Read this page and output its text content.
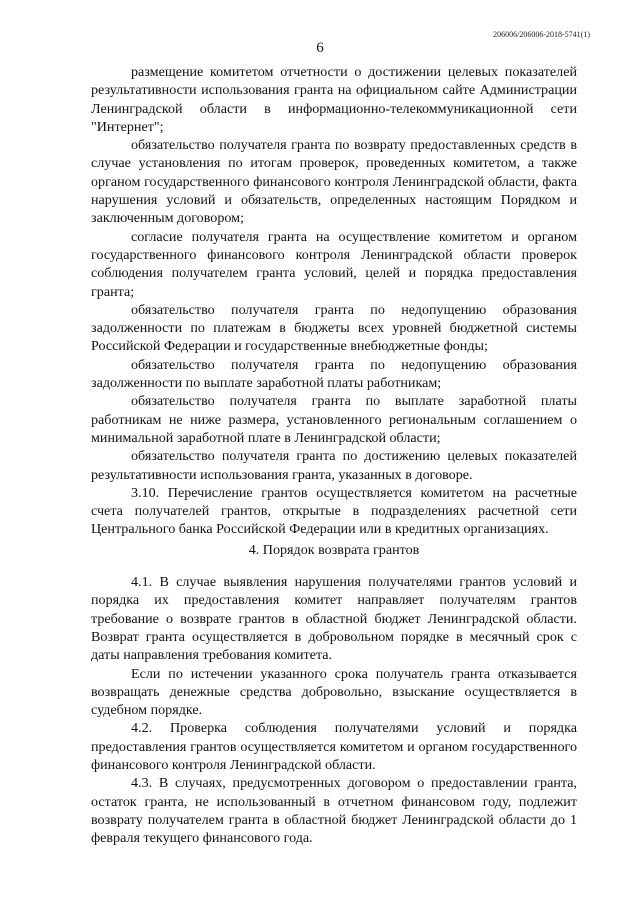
206006/206006-2018-5741(1)
6

размещение комитетом отчетности о достижении целевых показателей результативности использования гранта на официальном сайте Администрации Ленинградской области в информационно-телекоммуникационной сети "Интернет";

обязательство получателя гранта по возврату предоставленных средств в случае установления по итогам проверок, проведенных комитетом, а также органом государственного финансового контроля Ленинградской области, факта нарушения условий и обязательств, определенных настоящим Порядком и заключенным договором;

согласие получателя гранта на осуществление комитетом и органом государственного финансового контроля Ленинградской области проверок соблюдения получателем гранта условий, целей и порядка предоставления гранта;

обязательство получателя гранта по недопущению образования задолженности по платежам в бюджеты всех уровней бюджетной системы Российской Федерации и государственные внебюджетные фонды;

обязательство получателя гранта по недопущению образования задолженности по выплате заработной платы работникам;

обязательство получателя гранта по выплате заработной платы работникам не ниже размера, установленного региональным соглашением о минимальной заработной плате в Ленинградской области;

обязательство получателя гранта по достижению целевых показателей результативности использования гранта, указанных в договоре.

3.10. Перечисление грантов осуществляется комитетом на расчетные счета получателей грантов, открытые в подразделениях расчетной сети Центрального банка Российской Федерации или в кредитных организациях.

4. Порядок возврата грантов

4.1. В случае выявления нарушения получателями грантов условий и порядка их предоставления комитет направляет получателям грантов требование о возврате грантов в областной бюджет Ленинградской области. Возврат гранта осуществляется в добровольном порядке в месячный срок с даты направления требования комитета.

Если по истечении указанного срока получатель гранта отказывается возвращать денежные средства добровольно, взыскание осуществляется в судебном порядке.

4.2. Проверка соблюдения получателями условий и порядка предоставления грантов осуществляется комитетом и органом государственного финансового контроля Ленинградской области.

4.3. В случаях, предусмотренных договором о предоставлении гранта, остаток гранта, не использованный в отчетном финансовом году, подлежит возврату получателем гранта в областной бюджет Ленинградской области до 1 февраля текущего финансового года.
